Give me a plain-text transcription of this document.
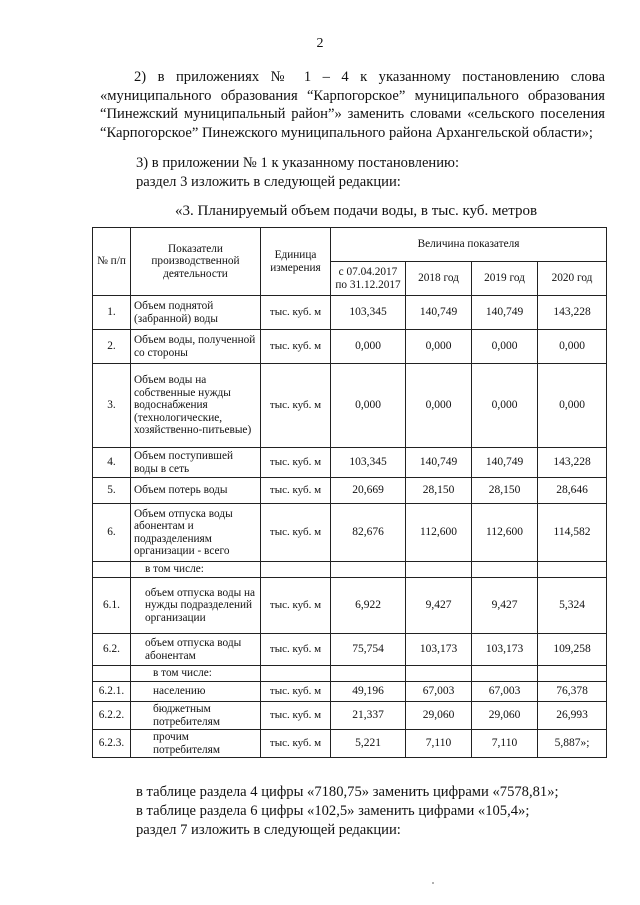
2
2) в приложениях № 1 – 4 к указанному постановлению слова «муниципального образования “Карпогорское” муниципального образования “Пинежский муниципальный район”» заменить словами «сельского поселения “Карпогорское” Пинежского муниципального района Архангельской области»;
3) в приложении № 1 к указанному постановлению:
раздел 3 изложить в следующей редакции:
«3. Планируемый объем подачи воды, в тыс. куб. метров
№ п/п	Показатели производственной деятельности	Единица измерения	Величина показателя			
			с 07.04.2017 по 31.12.2017	2018 год	2019 год	2020 год
1.	Объем поднятой (забранной) воды	тыс. куб. м	103,345	140,749	140,749	143,228
2.	Объем воды, полученной со стороны	тыс. куб. м	0,000	0,000	0,000	0,000
3.	Объем воды на собственные нужды водоснабжения (технологические, хозяйственно-питьевые)	тыс. куб. м	0,000	0,000	0,000	0,000
4.	Объем поступившей воды в сеть	тыс. куб. м	103,345	140,749	140,749	143,228
5.	Объем потерь воды	тыс. куб. м	20,669	28,150	28,150	28,646
6.	Объем отпуска воды абонентам и подразделениям организации - всего	тыс. куб. м	82,676	112,600	112,600	114,582
	в том числе:					
6.1.	объем отпуска воды на нужды подразделений организации	тыс. куб. м	6,922	9,427	9,427	5,324
6.2.	объем отпуска воды абонентам	тыс. куб. м	75,754	103,173	103,173	109,258
	в том числе:					
6.2.1.	населению	тыс. куб. м	49,196	67,003	67,003	76,378
6.2.2.	бюджетным потребителям	тыс. куб. м	21,337	29,060	29,060	26,993
6.2.3.	прочим потребителям	тыс. куб. м	5,221	7,110	7,110	5,887»;
в таблице раздела 4 цифры «7180,75» заменить цифрами «7578,81»;
в таблице раздела 6 цифры «102,5» заменить цифрами «105,4»;
раздел 7 изложить в следующей редакции:
